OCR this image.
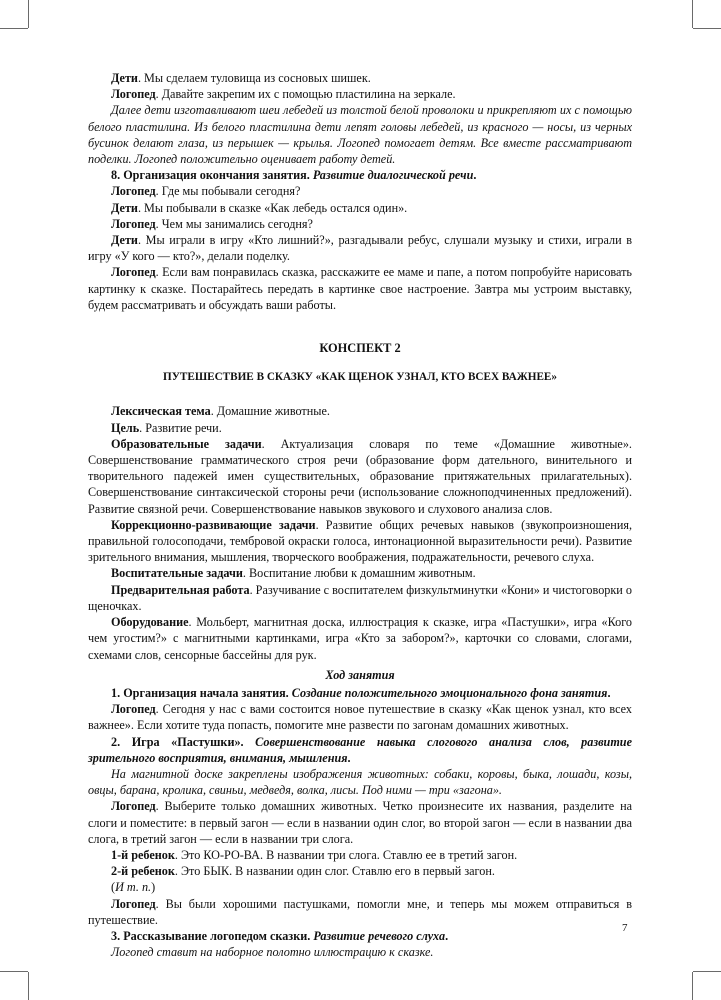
Дети. Мы сделаем туловища из сосновых шишек.

Логопед. Давайте закрепим их с помощью пластилина на зеркале.

Далее дети изготавливают шеи лебедей из толстой белой проволоки и прикрепляют их с помощью белого пластилина. Из белого пластилина дети лепят головы лебедей, из красного — носы, из черных бусинок делают глаза, из перышек — крылья. Логопед помогает детям. Все вместе рассматривают поделки. Логопед положительно оценивает работу детей.

8. Организация окончания занятия. Развитие диалогической речи.

Логопед. Где мы побывали сегодня?

Дети. Мы побывали в сказке «Как лебедь остался один».

Логопед. Чем мы занимались сегодня?

Дети. Мы играли в игру «Кто лишний?», разгадывали ребус, слушали музыку и стихи, играли в игру «У кого — кто?», делали поделку.

Логопед. Если вам понравилась сказка, расскажите ее маме и папе, а потом попробуйте нарисовать картинку к сказке. Постарайтесь передать в картинке свое настроение. Завтра мы устроим выставку, будем рассматривать и обсуждать ваши работы.

КОНСПЕКТ 2

ПУТЕШЕСТВИЕ В СКАЗКУ «КАК ЩЕНОК УЗНАЛ, КТО ВСЕХ ВАЖНЕЕ»

Лексическая тема. Домашние животные.

Цель. Развитие речи.

Образовательные задачи. Актуализация словаря по теме «Домашние животные». Совершенствование грамматического строя речи (образование форм дательного, винительного и творительного падежей имен существительных, образование притяжательных прилагательных). Совершенствование синтаксической стороны речи (использование сложноподчиненных предложений). Развитие связной речи. Совершенствование навыков звукового и слухового анализа слов.

Коррекционно-развивающие задачи. Развитие общих речевых навыков (звукопроизношения, правильной голосоподачи, тембровой окраски голоса, интонационной выразительности речи). Развитие зрительного внимания, мышления, творческого воображения, подражательности, речевого слуха.

Воспитательные задачи. Воспитание любви к домашним животным.

Предварительная работа. Разучивание с воспитателем физкультминутки «Кони» и чистоговорки о щеночках.

Оборудование. Мольберт, магнитная доска, иллюстрация к сказке, игра «Пастушки», игра «Кого чем угостим?» с магнитными картинками, игра «Кто за забором?», карточки со словами, слогами, схемами слов, сенсорные бассейны для рук.

Ход занятия

1. Организация начала занятия. Создание положительного эмоционального фона занятия.

Логопед. Сегодня у нас с вами состоится новое путешествие в сказку «Как щенок узнал, кто всех важнее». Если хотите туда попасть, помогите мне развести по загонам домашних животных.

2. Игра «Пастушки». Совершенствование навыка слогового анализа слов, развитие зрительного восприятия, внимания, мышления.

На магнитной доске закреплены изображения животных: собаки, коровы, быка, лошади, козы, овцы, барана, кролика, свиньи, медведя, волка, лисы. Под ними — три «загона».

Логопед. Выберите только домашних животных. Четко произнесите их названия, разделите на слоги и поместите: в первый загон — если в названии один слог, во второй загон — если в названии два слога, в третий загон — если в названии три слога.

1-й ребенок. Это КО-РО-ВА. В названии три слога. Ставлю ее в третий загон.

2-й ребенок. Это БЫК. В названии один слог. Ставлю его в первый загон.

(И т. п.)

Логопед. Вы были хорошими пастушками, помогли мне, и теперь мы можем отправиться в путешествие.

3. Рассказывание логопедом сказки. Развитие речевого слуха.

Логопед ставит на наборное полотно иллюстрацию к сказке.

7
